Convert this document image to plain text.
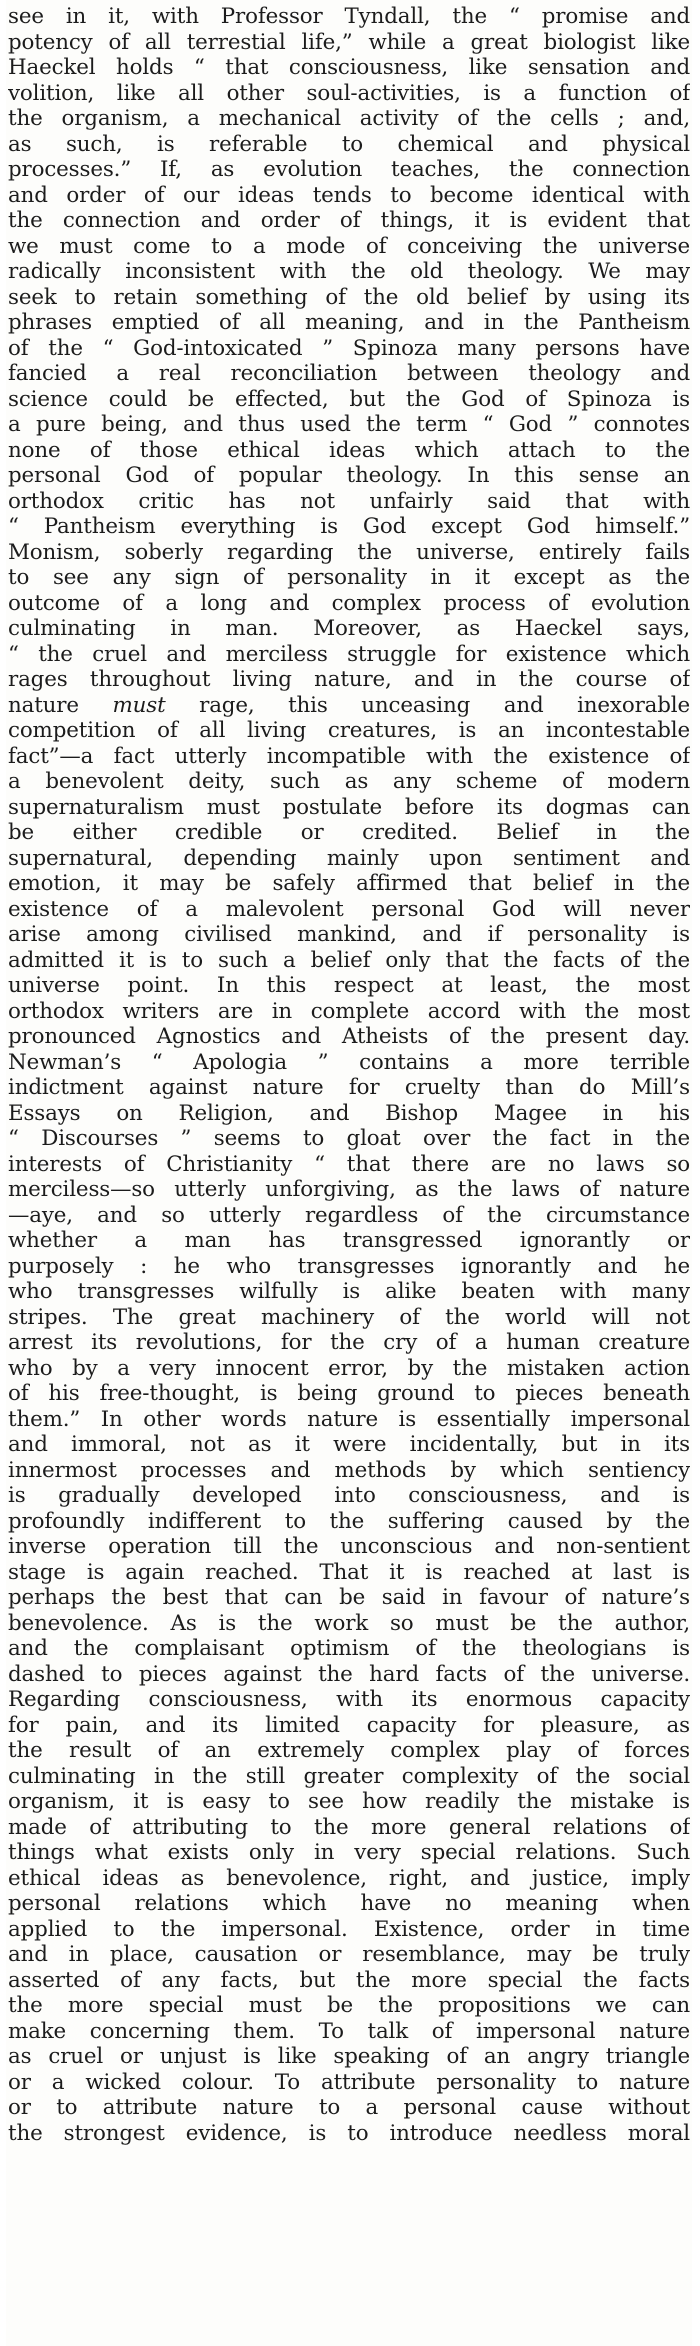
see in it, with Professor Tyndall, the “ promise and
potency of all terrestial life,” while a great biologist like
Haeckel holds “ that consciousness, like sensation and
volition, like all other soul-activities, is a function of
the organism, a mechanical activity of the cells ; and,
as such, is referable to chemical and physical
processes.” If, as evolution teaches, the connection
and order of our ideas tends to become identical with
the connection and order of things, it is evident that
we must come to a mode of conceiving the universe
radically inconsistent with the old theology. We may
seek to retain something of the old belief by using its
phrases emptied of all meaning, and in the Pantheism
of the “ God-intoxicated ” Spinoza many persons have
fancied a real reconciliation between theology and
science could be effected, but the God of Spinoza is
a pure being, and thus used the term “ God ” connotes
none of those ethical ideas which attach to the
personal God of popular theology. In this sense an
orthodox critic has not unfairly said that with
“ Pantheism everything is God except God himself.”
Monism, soberly regarding the universe, entirely fails
to see any sign of personality in it except as the
outcome of a long and complex process of evolution
culminating in man. Moreover, as Haeckel says,
“ the cruel and merciless struggle for existence which
rages throughout living nature, and in the course of
nature must rage, this unceasing and inexorable
competition of all living creatures, is an incontestable
fact”—a fact utterly incompatible with the existence of
a benevolent deity, such as any scheme of modern
supernaturalism must postulate before its dogmas can
be either credible or credited. Belief in the
supernatural, depending mainly upon sentiment and
emotion, it may be safely affirmed that belief in the
existence of a malevolent personal God will never
arise among civilised mankind, and if personality is
admitted it is to such a belief only that the facts of the
universe point. In this respect at least, the most
orthodox writers are in complete accord with the most
pronounced Agnostics and Atheists of the present day.
Newman’s “ Apologia ” contains a more terrible
indictment against nature for cruelty than do Mill’s
Essays on Religion, and Bishop Magee in his
“ Discourses ” seems to gloat over the fact in the
interests of Christianity “ that there are no laws so
merciless—so utterly unforgiving, as the laws of nature
—aye, and so utterly regardless of the circumstance
whether a man has transgressed ignorantly or
purposely : he who transgresses ignorantly and he
who transgresses wilfully is alike beaten with many
stripes. The great machinery of the world will not
arrest its revolutions, for the cry of a human creature
who by a very innocent error, by the mistaken action
of his free-thought, is being ground to pieces beneath
them.” In other words nature is essentially impersonal
and immoral, not as it were incidentally, but in its
innermost processes and methods by which sentiency
is gradually developed into consciousness, and is
profoundly indifferent to the suffering caused by the
inverse operation till the unconscious and non-sentient
stage is again reached. That it is reached at last is
perhaps the best that can be said in favour of nature’s
benevolence. As is the work so must be the author,
and the complaisant optimism of the theologians is
dashed to pieces against the hard facts of the universe.
Regarding consciousness, with its enormous capacity
for pain, and its limited capacity for pleasure, as
the result of an extremely complex play of forces
culminating in the still greater complexity of the social
organism, it is easy to see how readily the mistake is
made of attributing to the more general relations of
things what exists only in very special relations. Such
ethical ideas as benevolence, right, and justice, imply
personal relations which have no meaning when
applied to the impersonal. Existence, order in time
and in place, causation or resemblance, may be truly
asserted of any facts, but the more special the facts
the more special must be the propositions we can
make concerning them. To talk of impersonal nature
as cruel or unjust is like speaking of an angry triangle
or a wicked colour. To attribute personality to nature
or to attribute nature to a personal cause without
the strongest evidence, is to introduce needless moral
